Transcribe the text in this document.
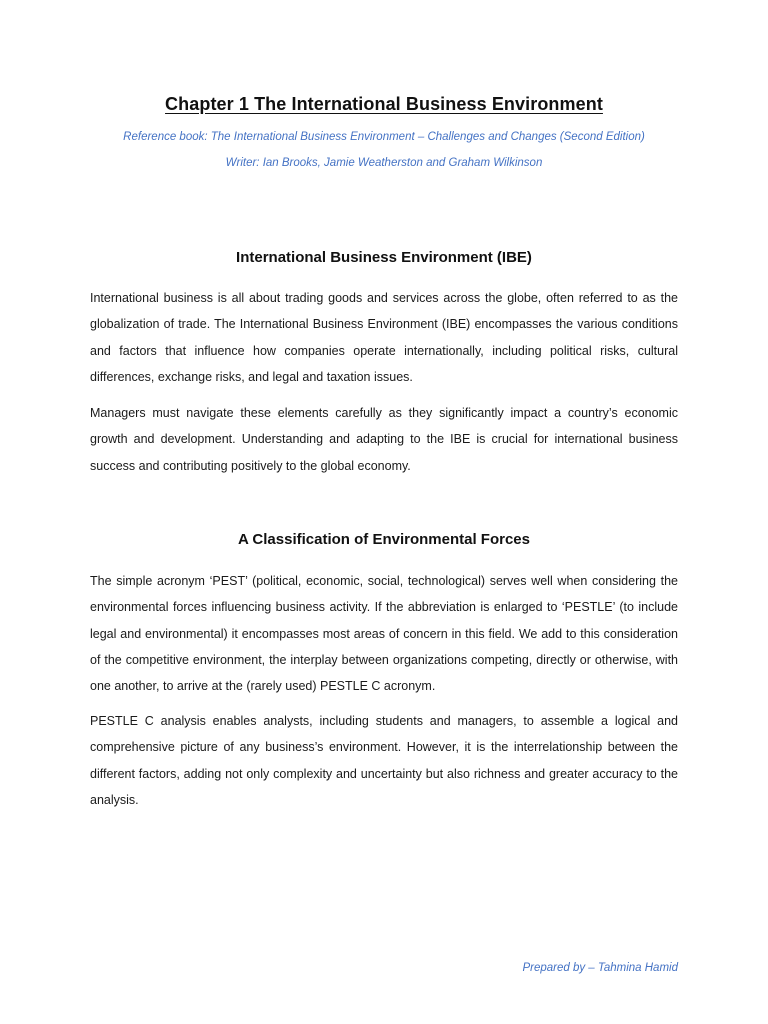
Chapter 1 The International Business Environment
Reference book: The International Business Environment – Challenges and Changes (Second Edition)
Writer: Ian Brooks, Jamie Weatherston and Graham Wilkinson
International Business Environment (IBE)

International business is all about trading goods and services across the globe, often referred to as the globalization of trade. The International Business Environment (IBE) encompasses the various conditions and factors that influence how companies operate internationally, including political risks, cultural differences, exchange risks, and legal and taxation issues.

Managers must navigate these elements carefully as they significantly impact a country’s economic growth and development. Understanding and adapting to the IBE is crucial for international business success and contributing positively to the global economy.

A Classification of Environmental Forces

The simple acronym ‘PEST’ (political, economic, social, technological) serves well when considering the environmental forces influencing business activity. If the abbreviation is enlarged to ‘PESTLE’ (to include legal and environmental) it encompasses most areas of concern in this field. We add to this consideration of the competitive environment, the interplay between organizations competing, directly or otherwise, with one another, to arrive at the (rarely used) PESTLE C acronym.

PESTLE C analysis enables analysts, including students and managers, to assemble a logical and comprehensive picture of any business’s environment. However, it is the interrelationship between the different factors, adding not only complexity and uncertainty but also richness and greater accuracy to the analysis.

Prepared by – Tahmina Hamid
